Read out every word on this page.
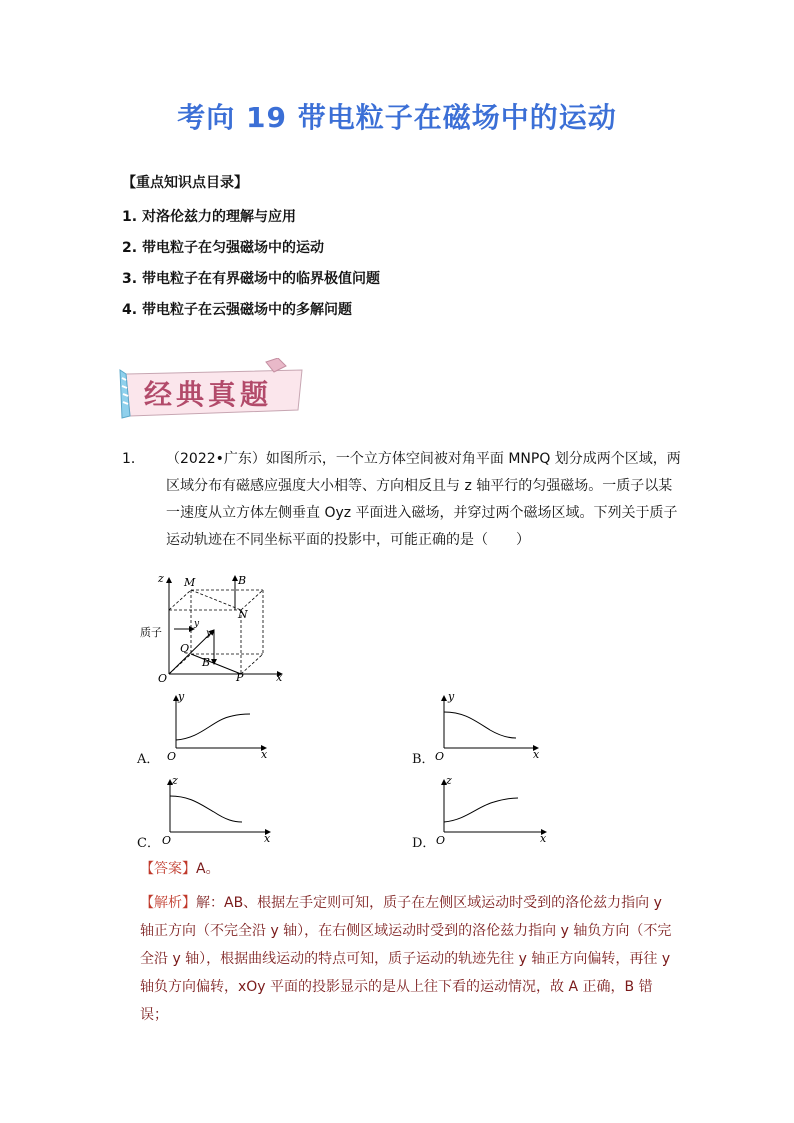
考向 19 带电粒子在磁场中的运动
【重点知识点目录】
1. 对洛伦兹力的理解与应用
2. 带电粒子在匀强磁场中的运动
3. 带电粒子在有界磁场中的临界极值问题
4. 带电粒子在云强磁场中的多解问题
经典真题
1．	（2022•广东）如图所示，一个立方体空间被对角平面 MNPQ 划分成两个区域，两区域分布有磁感应强度大小相等、方向相反且与 z 轴平行的匀强磁场。一质子以某一速度从立方体左侧垂直 Oyz 平面进入磁场，并穿过两个磁场区域。下列关于质子运动轨迹在不同坐标平面的投影中，可能正确的是（　　）
z
x
O
y
B
B
y
质子
M
N
Q
P
A．
y
x
O	B．
y
x
O
C．
z
x
O	D．
z
x
O
【答案】A。
【解析】解：AB、根据左手定则可知，质子在左侧区域运动时受到的洛伦兹力指向 y 轴正方向（不完全沿 y 轴），在右侧区域运动时受到的洛伦兹力指向 y 轴负方向（不完全沿 y 轴），根据曲线运动的特点可知，质子运动的轨迹先往 y 轴正方向偏转，再往 y 轴负方向偏转，xOy 平面的投影显示的是从上往下看的运动情况，故 A 正确，B 错误；
